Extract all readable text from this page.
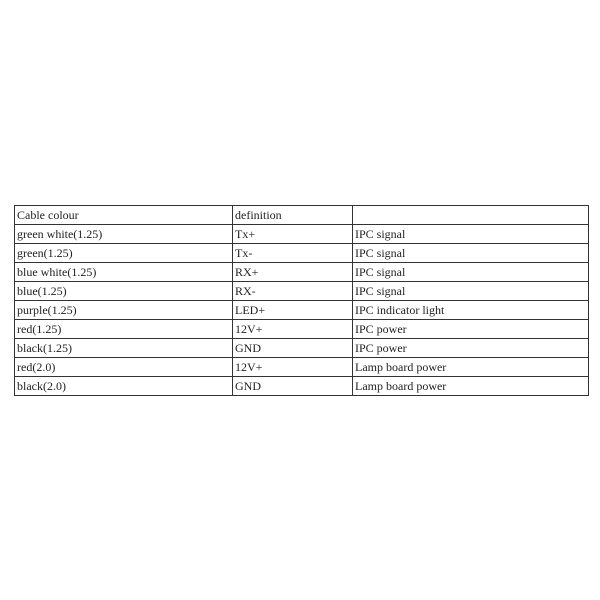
Cable colour	definition	
green white(1.25)	Tx+	IPC signal
green(1.25)	Tx-	IPC signal
blue white(1.25)	RX+	IPC signal
blue(1.25)	RX-	IPC signal
purple(1.25)	LED+	IPC indicator light
red(1.25)	12V+	IPC power
black(1.25)	GND	IPC power
red(2.0)	12V+	Lamp board power
black(2.0)	GND	Lamp board power
